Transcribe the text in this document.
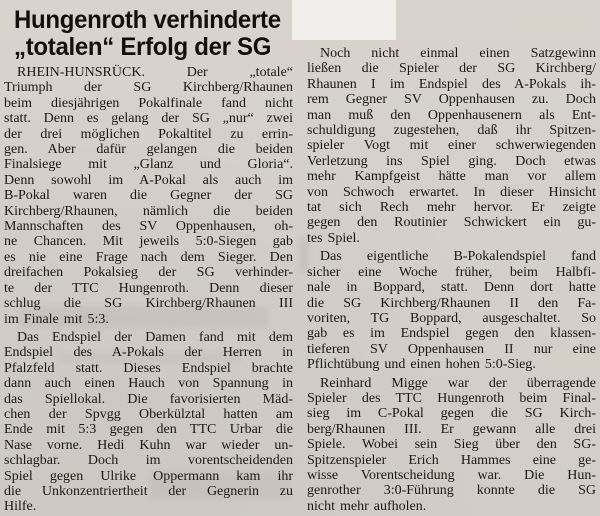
Hungenroth verhinderte
„totalen“ Erfolg der SG
RHEIN-HUNSRÜCK. Der „totale“
Triumph der SG Kirchberg/Rhaunen
beim diesjährigen Pokalfinale fand nicht
statt. Denn es gelang der SG „nur“ zwei
der drei möglichen Pokaltitel zu errin-
gen. Aber dafür gelangen die beiden
Finalsiege mit „Glanz und Gloria“.
Denn sowohl im A-Pokal als auch im
B-Pokal waren die Gegner der SG
Kirchberg/Rhaunen, nämlich die beiden
Mannschaften des SV Oppenhausen, oh-
ne Chancen. Mit jeweils 5:0-Siegen gab
es nie eine Frage nach dem Sieger. Den
dreifachen Pokalsieg der SG verhinder-
te der TTC Hungenroth. Denn dieser
schlug die SG Kirchberg/Rhaunen III
im Finale mit 5:3.
Das Endspiel der Damen fand mit dem
Endspiel des A-Pokals der Herren in
Pfalzfeld statt. Dieses Endspiel brachte
dann auch einen Hauch von Spannung in
das Spiellokal. Die favorisierten Mäd-
chen der Spvgg Oberkülztal hatten am
Ende mit 5:3 gegen den TTC Urbar die
Nase vorne. Hedi Kuhn war wieder un-
schlagbar. Doch im vorentscheidenden
Spiel gegen Ulrike Oppermann kam ihr
die Unkonzentriertheit der Gegnerin zu
Hilfe.
Noch nicht einmal einen Satzgewinn
ließen die Spieler der SG Kirchberg/
Rhaunen I im Endspiel des A-Pokals ih-
rem Gegner SV Oppenhausen zu. Doch
man muß den Oppenhausenern als Ent-
schuldigung zugestehen, daß ihr Spitzen-
spieler Vogt mit einer schwerwiegenden
Verletzung ins Spiel ging. Doch etwas
mehr Kampfgeist hätte man vor allem
von Schwoch erwartet. In dieser Hinsicht
tat sich Rech mehr hervor. Er zeigte
gegen den Routinier Schwickert ein gu-
tes Spiel.
Das eigentliche B-Pokalendspiel fand
sicher eine Woche früher, beim Halbfi-
nale in Boppard, statt. Denn dort hatte
die SG Kirchberg/Rhaunen II den Fa-
voriten, TG Boppard, ausgeschaltet. So
gab es im Endspiel gegen den klassen-
tieferen SV Oppenhausen II nur eine
Pflichtübung und einen hohen 5:0-Sieg.
Reinhard Migge war der überragende
Spieler des TTC Hungenroth beim Final-
sieg im C-Pokal gegen die SG Kirch-
berg/Rhaunen III. Er gewann alle drei
Spiele. Wobei sein Sieg über den SG-
Spitzenspieler Erich Hammes eine ge-
wisse Vorentscheidung war. Die Hun-
genrother 3:0-Führung konnte die SG
nicht mehr aufholen.
